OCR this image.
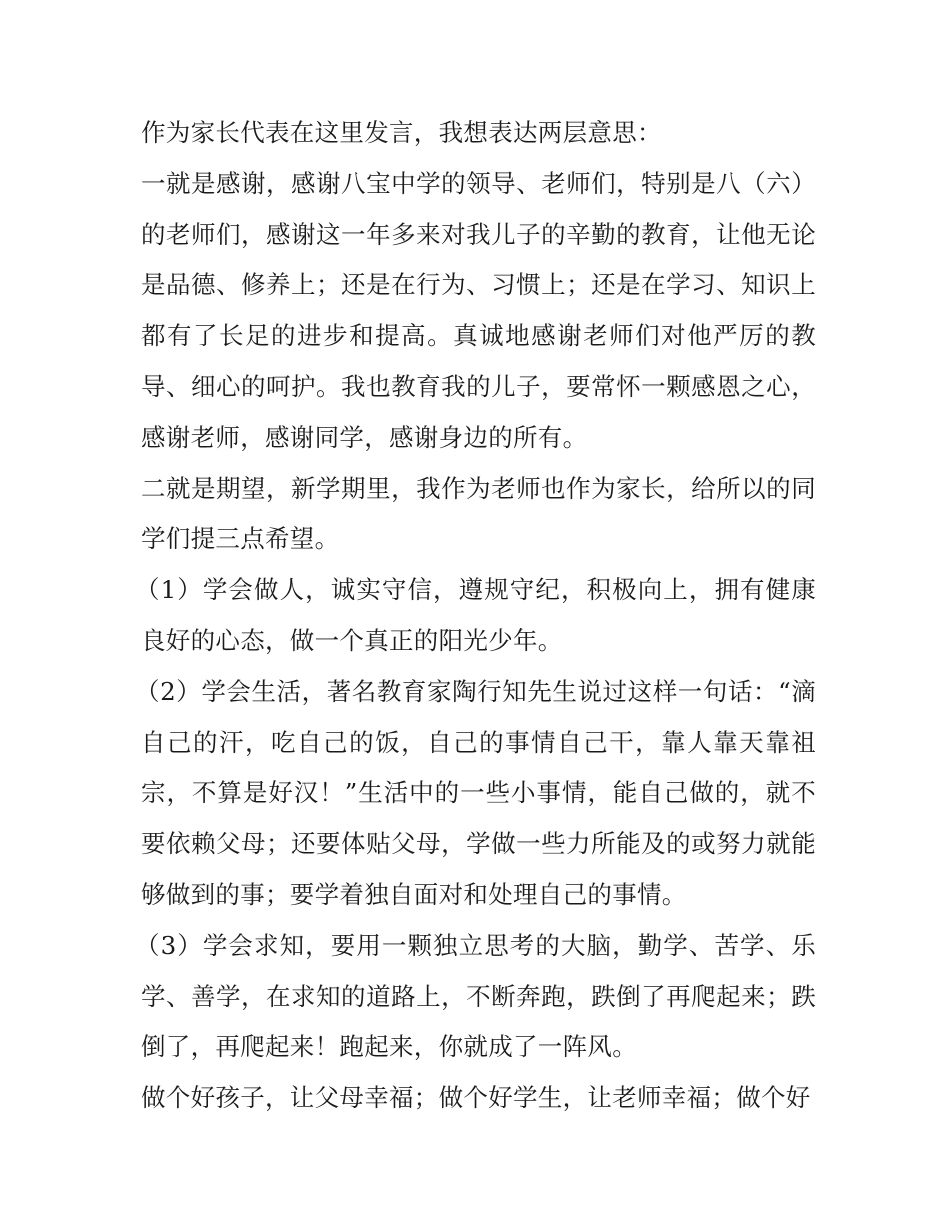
作为家长代表在这里发言，我想表达两层意思：

一就是感谢，感谢八宝中学的领导、老师们，特别是八（六）的老师们，感谢这一年多来对我儿子的辛勤的教育，让他无论是品德、修养上；还是在行为、习惯上；还是在学习、知识上都有了长足的进步和提高。真诚地感谢老师们对他严厉的教导、细心的呵护。我也教育我的儿子，要常怀一颗感恩之心，感谢老师，感谢同学，感谢身边的所有。

二就是期望，新学期里，我作为老师也作为家长，给所以的同学们提三点希望。

（1）学会做人，诚实守信，遵规守纪，积极向上，拥有健康良好的心态，做一个真正的阳光少年。

（2）学会生活，著名教育家陶行知先生说过这样一句话：“滴自己的汗，吃自己的饭，自己的事情自己干，靠人靠天靠祖宗，不算是好汉！”生活中的一些小事情，能自己做的，就不要依赖父母；还要体贴父母，学做一些力所能及的或努力就能够做到的事；要学着独自面对和处理自己的事情。

（3）学会求知，要用一颗独立思考的大脑，勤学、苦学、乐学、善学，在求知的道路上，不断奔跑，跌倒了再爬起来；跌倒了，再爬起来！跑起来，你就成了一阵风。

做个好孩子，让父母幸福；做个好学生，让老师幸福；做个好
